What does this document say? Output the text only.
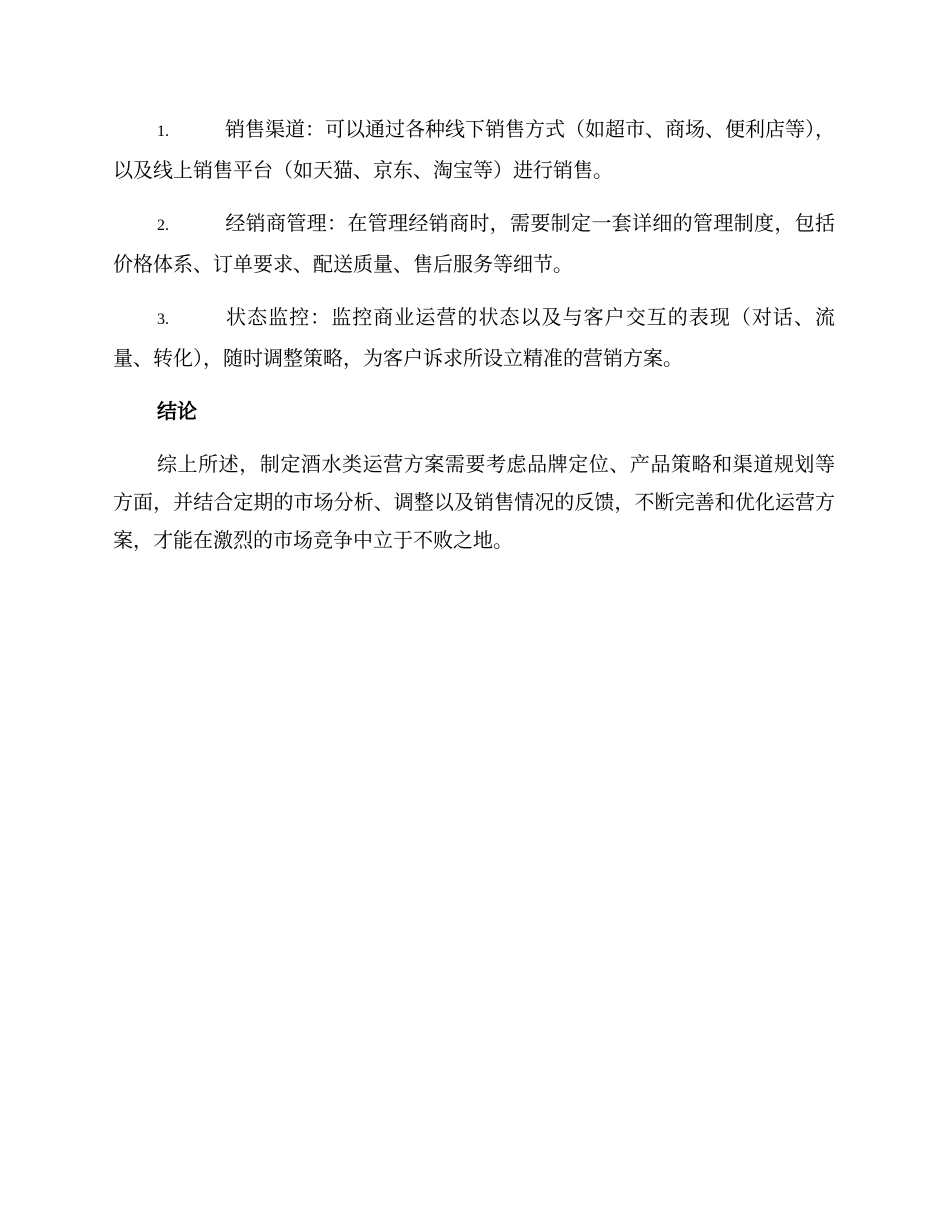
1.	销售渠道：可以通过各种线下销售方式（如超市、商场、便利店等），以及线上销售平台（如天猫、京东、淘宝等）进行销售。

2.	经销商管理：在管理经销商时，需要制定一套详细的管理制度，包括价格体系、订单要求、配送质量、售后服务等细节。

3.	状态监控：监控商业运营的状态以及与客户交互的表现（对话、流量、转化），随时调整策略，为客户诉求所设立精准的营销方案。

结论

综上所述，制定酒水类运营方案需要考虑品牌定位、产品策略和渠道规划等方面，并结合定期的市场分析、调整以及销售情况的反馈，不断完善和优化运营方案，才能在激烈的市场竞争中立于不败之地。
